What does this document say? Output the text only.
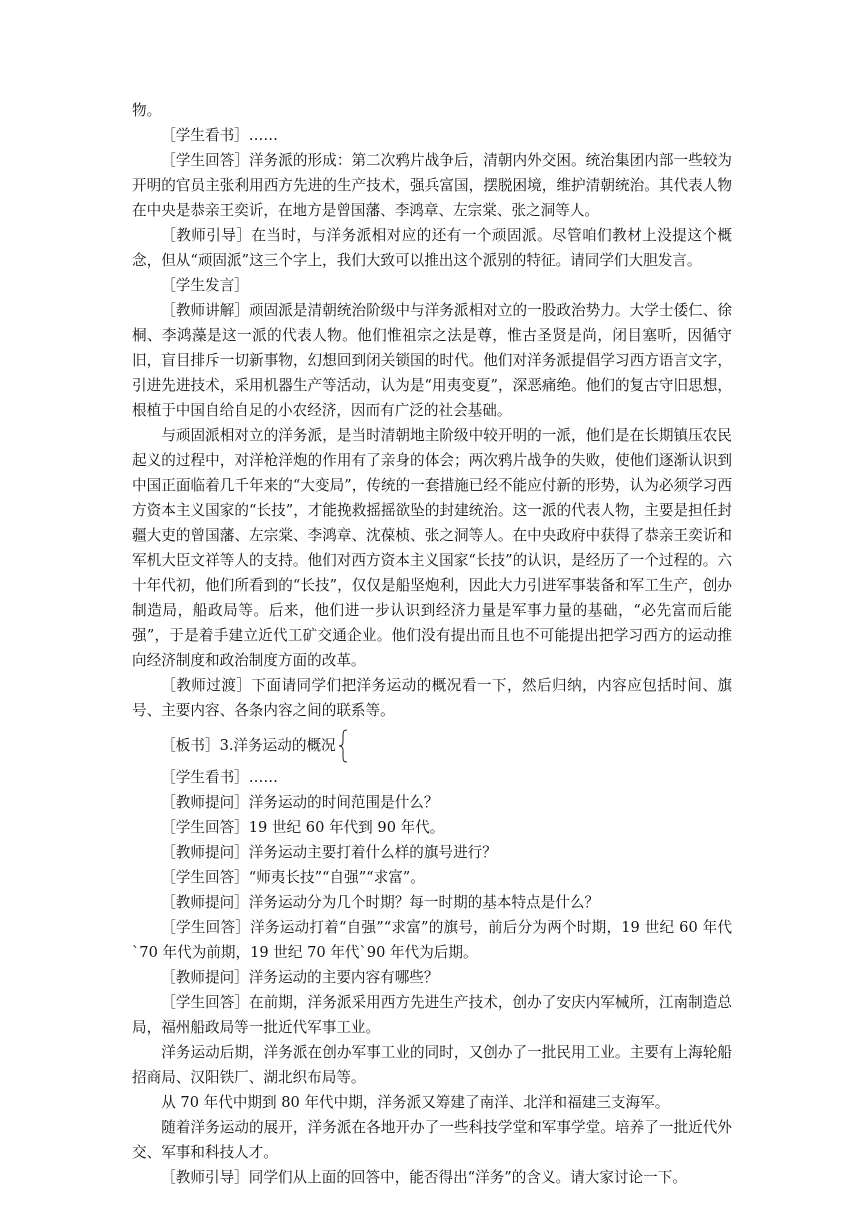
物。

［学生看书］……

［学生回答］洋务派的形成：第二次鸦片战争后，清朝内外交困。统治集团内部一些较为开明的官员主张利用西方先进的生产技术，强兵富国，摆脱困境，维护清朝统治。其代表人物在中央是恭亲王奕䜣，在地方是曾国藩、李鸿章、左宗棠、张之洞等人。

［教师引导］在当时，与洋务派相对应的还有一个顽固派。尽管咱们教材上没提这个概念，但从“顽固派”这三个字上，我们大致可以推出这个派别的特征。请同学们大胆发言。

［学生发言］

［教师讲解］顽固派是清朝统治阶级中与洋务派相对立的一股政治势力。大学士倭仁、徐桐、李鸿藻是这一派的代表人物。他们惟祖宗之法是尊，惟古圣贤是尚，闭目塞听，因循守旧，盲目排斥一切新事物，幻想回到闭关锁国的时代。他们对洋务派提倡学习西方语言文字，引进先进技术，采用机器生产等活动，认为是“用夷变夏”，深恶痛绝。他们的复古守旧思想，根植于中国自给自足的小农经济，因而有广泛的社会基础。

与顽固派相对立的洋务派，是当时清朝地主阶级中较开明的一派，他们是在长期镇压农民起义的过程中，对洋枪洋炮的作用有了亲身的体会；两次鸦片战争的失败，使他们逐渐认识到中国正面临着几千年来的“大变局”，传统的一套措施已经不能应付新的形势，认为必须学习西方资本主义国家的“长技”，才能挽救摇摇欲坠的封建统治。这一派的代表人物，主要是担任封疆大吏的曾国藩、左宗棠、李鸿章、沈葆桢、张之洞等人。在中央政府中获得了恭亲王奕䜣和军机大臣文祥等人的支持。他们对西方资本主义国家“长技”的认识，是经历了一个过程的。六十年代初，他们所看到的“长技”，仅仅是船坚炮利，因此大力引进军事装备和军工生产，创办制造局，船政局等。后来，他们进一步认识到经济力量是军事力量的基础，“必先富而后能强”，于是着手建立近代工矿交通企业。他们没有提出而且也不可能提出把学习西方的运动推向经济制度和政治制度方面的改革。

［教师过渡］下面请同学们把洋务运动的概况看一下，然后归纳，内容应包括时间、旗号、主要内容、各条内容之间的联系等。

［板书］3.洋务运动的概况

［学生看书］……

［教师提问］洋务运动的时间范围是什么？

［学生回答］19 世纪 60 年代到 90 年代。

［教师提问］洋务运动主要打着什么样的旗号进行？

［学生回答］“师夷长技”“自强”“求富”。

［教师提问］洋务运动分为几个时期？每一时期的基本特点是什么？

［学生回答］洋务运动打着“自强”“求富”的旗号，前后分为两个时期，19 世纪 60 年代`70 年代为前期，19 世纪 70 年代`90 年代为后期。

［教师提问］洋务运动的主要内容有哪些？

［学生回答］在前期，洋务派采用西方先进生产技术，创办了安庆内军械所，江南制造总局，福州船政局等一批近代军事工业。

洋务运动后期，洋务派在创办军事工业的同时，又创办了一批民用工业。主要有上海轮船招商局、汉阳铁厂、湖北织布局等。

从 70 年代中期到 80 年代中期，洋务派又筹建了南洋、北洋和福建三支海军。

随着洋务运动的展开，洋务派在各地开办了一些科技学堂和军事学堂。培养了一批近代外交、军事和科技人才。

［教师引导］同学们从上面的回答中，能否得出“洋务”的含义。请大家讨论一下。
